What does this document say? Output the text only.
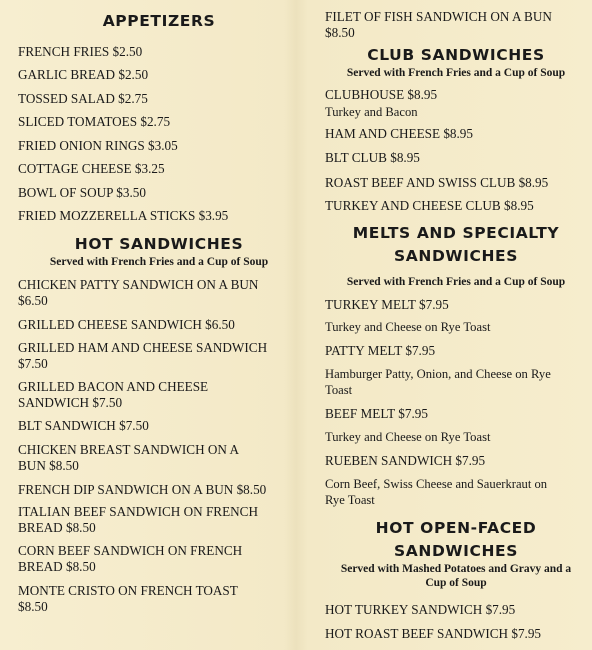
APPETIZERS
FRENCH FRIES $2.50
GARLIC BREAD $2.50
TOSSED SALAD $2.75
SLICED TOMATOES $2.75
FRIED ONION RINGS $3.05
COTTAGE CHEESE $3.25
BOWL OF SOUP $3.50
FRIED MOZZERELLA STICKS $3.95
HOT SANDWICHES
Served with French Fries and a Cup of Soup
CHICKEN PATTY SANDWICH ON A BUN
$6.50
GRILLED CHEESE SANDWICH $6.50
GRILLED HAM AND CHEESE SANDWICH
$7.50
GRILLED BACON AND CHEESE
SANDWICH $7.50
BLT SANDWICH $7.50
CHICKEN BREAST SANDWICH ON A
BUN $8.50
FRENCH DIP SANDWICH ON A BUN $8.50
ITALIAN BEEF SANDWICH ON FRENCH
BREAD $8.50
CORN BEEF SANDWICH ON FRENCH
BREAD $8.50
MONTE CRISTO ON FRENCH TOAST
$8.50
FILET OF FISH SANDWICH ON A BUN
$8.50
CLUB SANDWICHES
Served with French Fries and a Cup of Soup
CLUBHOUSE $8.95
Turkey and Bacon
HAM AND CHEESE $8.95
BLT CLUB $8.95
ROAST BEEF AND SWISS CLUB $8.95
TURKEY AND CHEESE CLUB $8.95
MELTS AND SPECIALTY
SANDWICHES
Served with French Fries and a Cup of Soup
TURKEY MELT $7.95
Turkey and Cheese on Rye Toast
PATTY MELT $7.95
Hamburger Patty, Onion, and Cheese on Rye
Toast
BEEF MELT $7.95
Turkey and Cheese on Rye Toast
RUEBEN SANDWICH $7.95
Corn Beef, Swiss Cheese and Sauerkraut on
Rye Toast
HOT OPEN-FACED
SANDWICHES
Served with Mashed Potatoes and Gravy and a
Cup of Soup
HOT TURKEY SANDWICH $7.95
HOT ROAST BEEF SANDWICH $7.95
